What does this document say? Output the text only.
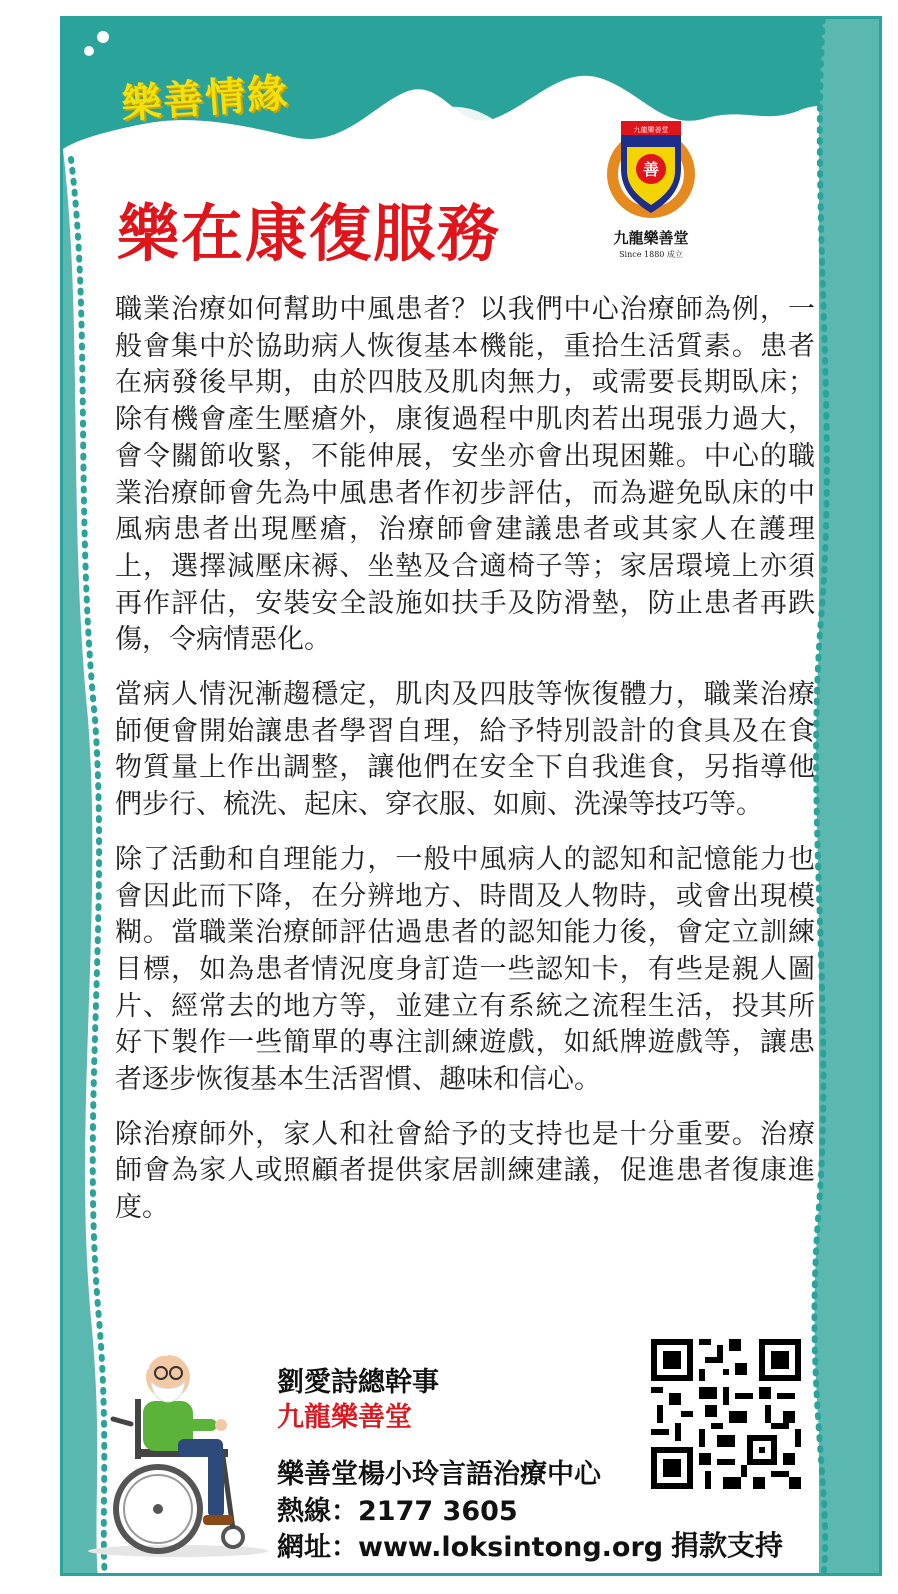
樂善情緣
樂在康復服務
善
九龍樂善堂
九龍樂善堂
Since 1880 成立

職業治療如何幫助中風患者？以我們中心治療師為例，一般會集中於協助病人恢復基本機能，重拾生活質素。患者在病發後早期，由於四肢及肌肉無力，或需要長期臥床；除有機會產生壓瘡外，康復過程中肌肉若出現張力過大，會令關節收緊，不能伸展，安坐亦會出現困難。中心的職業治療師會先為中風患者作初步評估，而為避免臥床的中風病患者出現壓瘡，治療師會建議患者或其家人在護理上，選擇減壓床褥、坐墊及合適椅子等；家居環境上亦須再作評估，安裝安全設施如扶手及防滑墊，防止患者再跌傷，令病情惡化。

當病人情況漸趨穩定，肌肉及四肢等恢復體力，職業治療師便會開始讓患者學習自理，給予特別設計的食具及在食物質量上作出調整，讓他們在安全下自我進食，另指導他們步行、梳洗、起床、穿衣服、如廁、洗澡等技巧等。

除了活動和自理能力，一般中風病人的認知和記憶能力也會因此而下降，在分辨地方、時間及人物時，或會出現模糊。當職業治療師評估過患者的認知能力後，會定立訓練目標，如為患者情況度身訂造一些認知卡，有些是親人圖片、經常去的地方等，並建立有系統之流程生活，投其所好下製作一些簡單的專注訓練遊戲，如紙牌遊戲等，讓患者逐步恢復基本生活習慣、趣味和信心。

除治療師外，家人和社會給予的支持也是十分重要。治療師會為家人或照顧者提供家居訓練建議，促進患者復康進度。

劉愛詩總幹事
九龍樂善堂
樂善堂楊小玲言語治療中心
熱線：2177 3605
網址：www.loksintong.org 捐款支持
